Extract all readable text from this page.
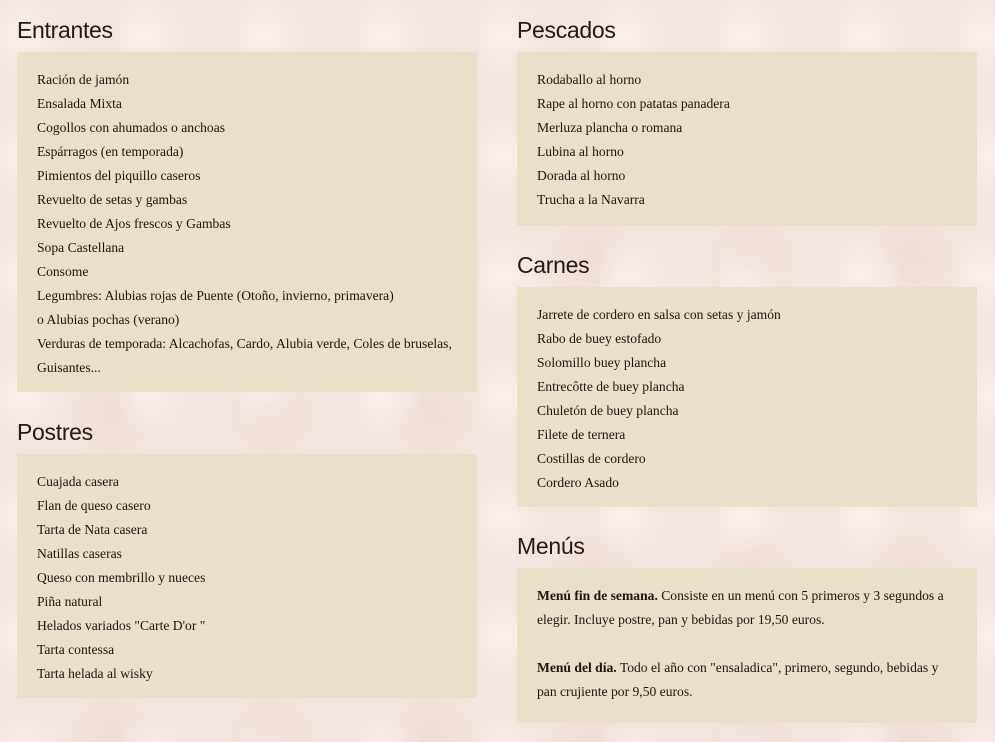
Entrantes
Ración de jamón
Ensalada Mixta
Cogollos con ahumados o anchoas
Espárragos (en temporada)
Pimientos del piquillo caseros
Revuelto de setas y gambas
Revuelto de Ajos frescos y Gambas
Sopa Castellana
Consome
Legumbres: Alubias rojas de Puente (Otoño, invierno, primavera)
o Alubias pochas (verano)
Verduras de temporada: Alcachofas, Cardo, Alubia verde, Coles de bruselas, Guisantes...
Postres
Cuajada casera
Flan de queso casero
Tarta de Nata casera
Natillas caseras
Queso con membrillo y nueces
Piña natural
Helados variados "Carte D'or "
Tarta contessa
Tarta helada al wisky
Pescados
Rodaballo al horno
Rape al horno con patatas panadera
Merluza plancha o romana
Lubina al horno
Dorada al horno
Trucha a la Navarra
Carnes
Jarrete de cordero en salsa con setas y jamón
Rabo de buey estofado
Solomillo buey plancha
Entrecôtte de buey plancha
Chuletón de buey plancha
Filete de ternera
Costillas de cordero
Cordero Asado
Menús

Menú fin de semana. Consiste en un menú con 5 primeros y 3 segundos a elegir. Incluye postre, pan y bebidas por 19,50 euros.

Menú del día. Todo el año con "ensaladica", primero, segundo, bebidas y pan crujiente por 9,50 euros.
